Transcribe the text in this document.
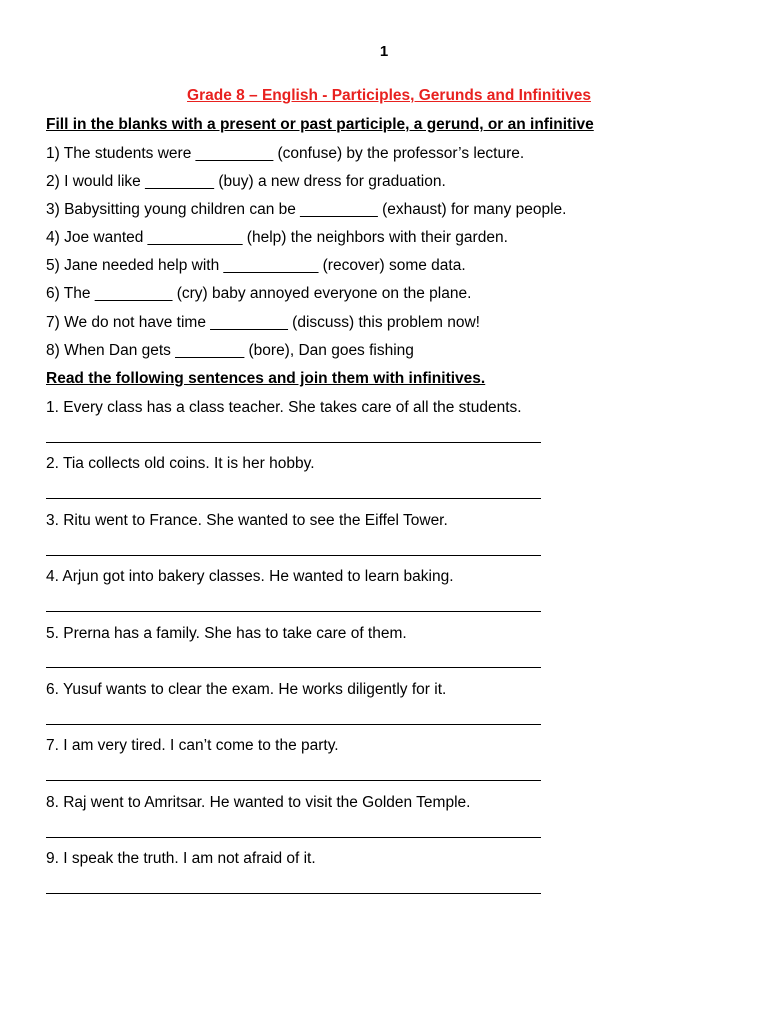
1
Grade 8 – English - Participles, Gerunds and Infinitives
Fill in the blanks with a present or past participle, a gerund, or an infinitive
1) The students were _________ (confuse) by the professor’s lecture.
2) I would like ________ (buy) a new dress for graduation.
3) Babysitting young children can be _________ (exhaust) for many people.
4) Joe wanted ___________ (help) the neighbors with their garden.
5) Jane needed help with ___________ (recover) some data.
6) The _________ (cry) baby annoyed everyone on the plane.
7) We do not have time _________ (discuss) this problem now!
8) When Dan gets ________ (bore), Dan goes fishing
Read the following sentences and join them with infinitives.
1. Every class has a class teacher. She takes care of all the students.
2. Tia collects old coins. It is her hobby.
3. Ritu went to France. She wanted to see the Eiffel Tower.
4. Arjun got into bakery classes. He wanted to learn baking.
5. Prerna has a family. She has to take care of them.
6. Yusuf wants to clear the exam. He works diligently for it.
7. I am very tired. I can’t come to the party.
8. Raj went to Amritsar. He wanted to visit the Golden Temple.
9. I speak the truth. I am not afraid of it.
